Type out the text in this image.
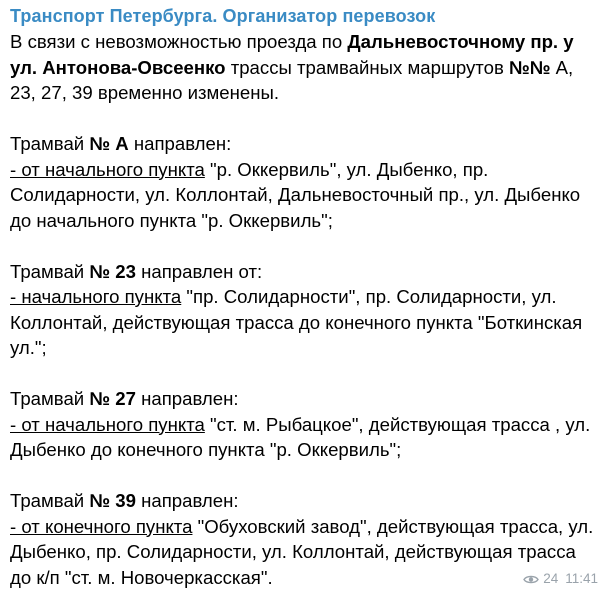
Транспорт Петербурга. Организатор перевозок
В связи с невозможностью проезда по Дальневосточному пр. у ул. Антонова-Овсеенко трассы трамвайных маршрутов №№ А, 23, 27, 39 временно изменены.
Трамвай № А направлен:
- от начального пункта "р. Оккервиль", ул. Дыбенко, пр. Солидарности, ул. Коллонтай, Дальневосточный пр., ул. Дыбенко до начального пункта "р. Оккервиль";
Трамвай № 23 направлен от:
- начального пункта "пр. Солидарности", пр. Солидарности, ул. Коллонтай, действующая трасса до конечного пункта "Боткинская ул.";
Трамвай № 27 направлен:
- от начального пункта "ст. м. Рыбацкое", действующая трасса , ул. Дыбенко до конечного пункта "р. Оккервиль";
Трамвай № 39 направлен:
- от конечного пункта "Обуховский завод", действующая трасса, ул. Дыбенко, пр. Солидарности, ул. Коллонтай, действующая трасса до к/п "ст. м. Новочеркасская".	24 11:41
